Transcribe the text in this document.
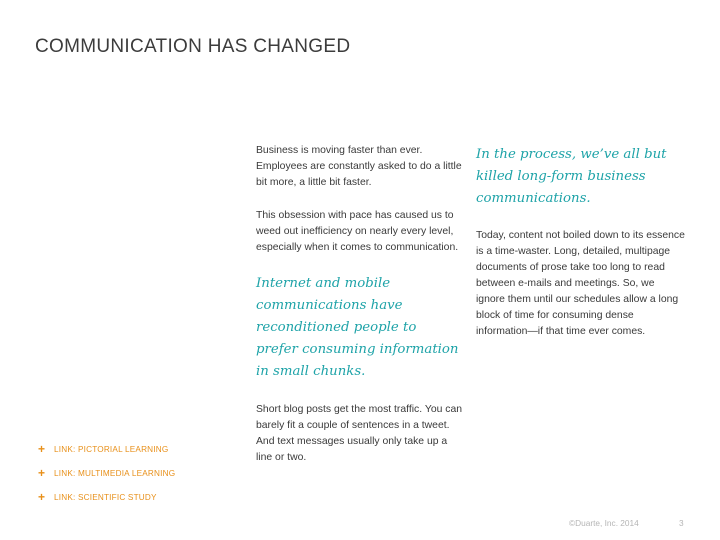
COMMUNICATION HAS CHANGED

Business is moving faster than ever. Employees are constantly asked to do a little bit more, a little bit faster.

This obsession with pace has caused us to weed out inefficiency on nearly every level, especially when it comes to communication.

Internet and mobile communications have reconditioned people to prefer consuming information in small chunks.

Short blog posts get the most traffic. You can barely fit a couple of sentences in a tweet. And text messages usually only take up a line or two.

In the process, we’ve all but killed long-form business communications.

Today, content not boiled down to its essence is a time-waster. Long, detailed, multipage documents of prose take too long to read between e-mails and meetings. So, we ignore them until our schedules allow a long block of time for consuming dense information—if that time ever comes.

+	LINK: PICTORIAL LEARNING
+	LINK: MULTIMEDIA LEARNING
+	LINK: SCIENTIFIC STUDY
©Duarte, Inc. 2014	3
